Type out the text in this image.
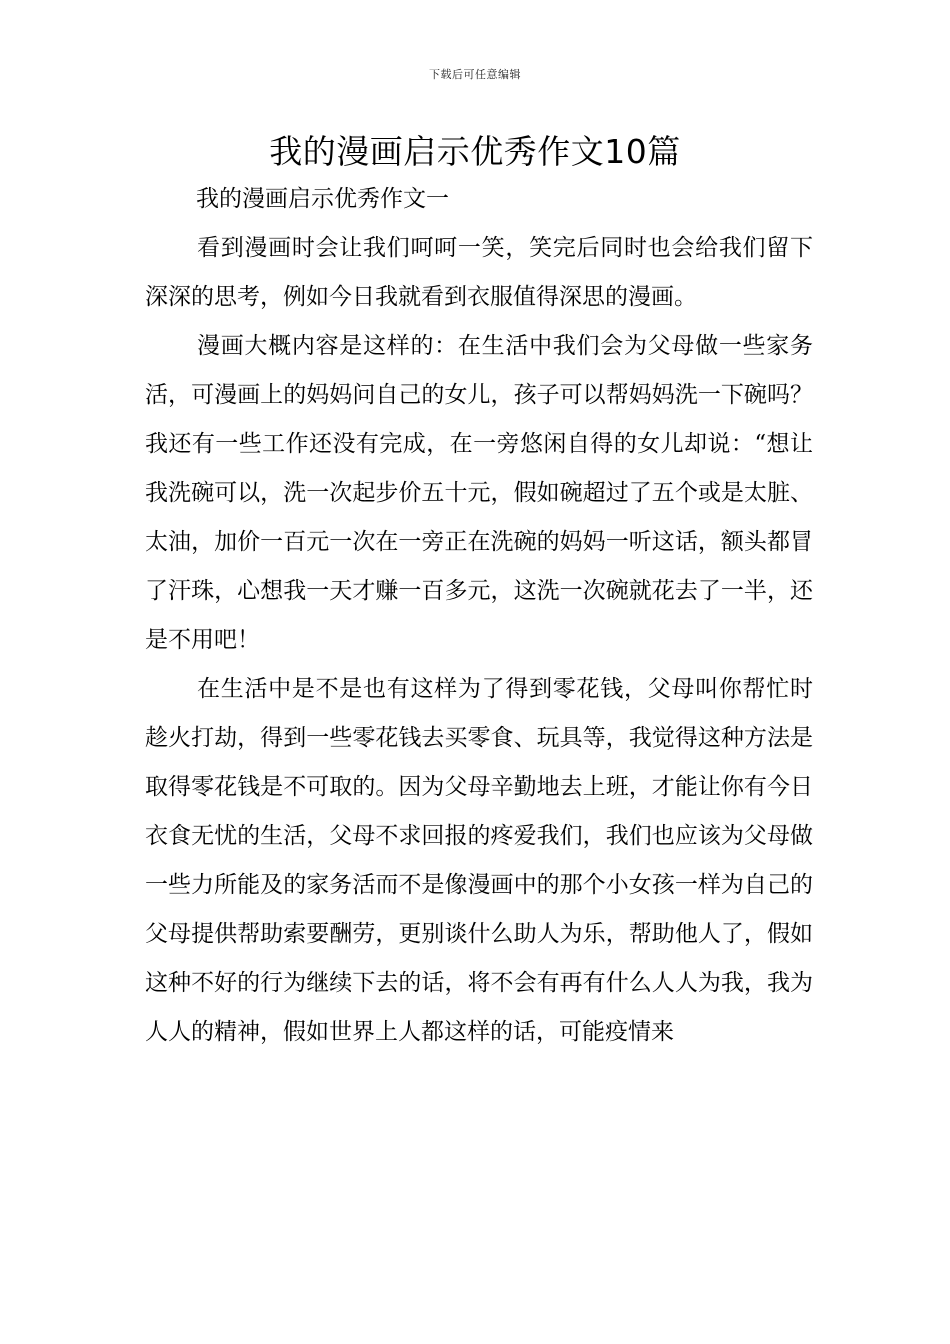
下载后可任意编辑
我的漫画启示优秀作文10篇
我的漫画启示优秀作文一

看到漫画时会让我们呵呵一笑，笑完后同时也会给我们留下深深的思考，例如今日我就看到衣服值得深思的漫画。

漫画大概内容是这样的：在生活中我们会为父母做一些家务活，可漫画上的妈妈问自己的女儿，孩子可以帮妈妈洗一下碗吗？我还有一些工作还没有完成，在一旁悠闲自得的女儿却说：“想让我洗碗可以，洗一次起步价五十元，假如碗超过了五个或是太脏、太油，加价一百元一次在一旁正在洗碗的妈妈一听这话，额头都冒了汗珠，心想我一天才赚一百多元，这洗一次碗就花去了一半，还是不用吧！

在生活中是不是也有这样为了得到零花钱，父母叫你帮忙时趁火打劫，得到一些零花钱去买零食、玩具等，我觉得这种方法是取得零花钱是不可取的。因为父母辛勤地去上班，才能让你有今日衣食无忧的生活，父母不求回报的疼爱我们，我们也应该为父母做一些力所能及的家务活而不是像漫画中的那个小女孩一样为自己的父母提供帮助索要酬劳，更别谈什么助人为乐，帮助他人了，假如这种不好的行为继续下去的话，将不会有再有什么人人为我，我为人人的精神，假如世界上人都这样的话，可能疫情来
